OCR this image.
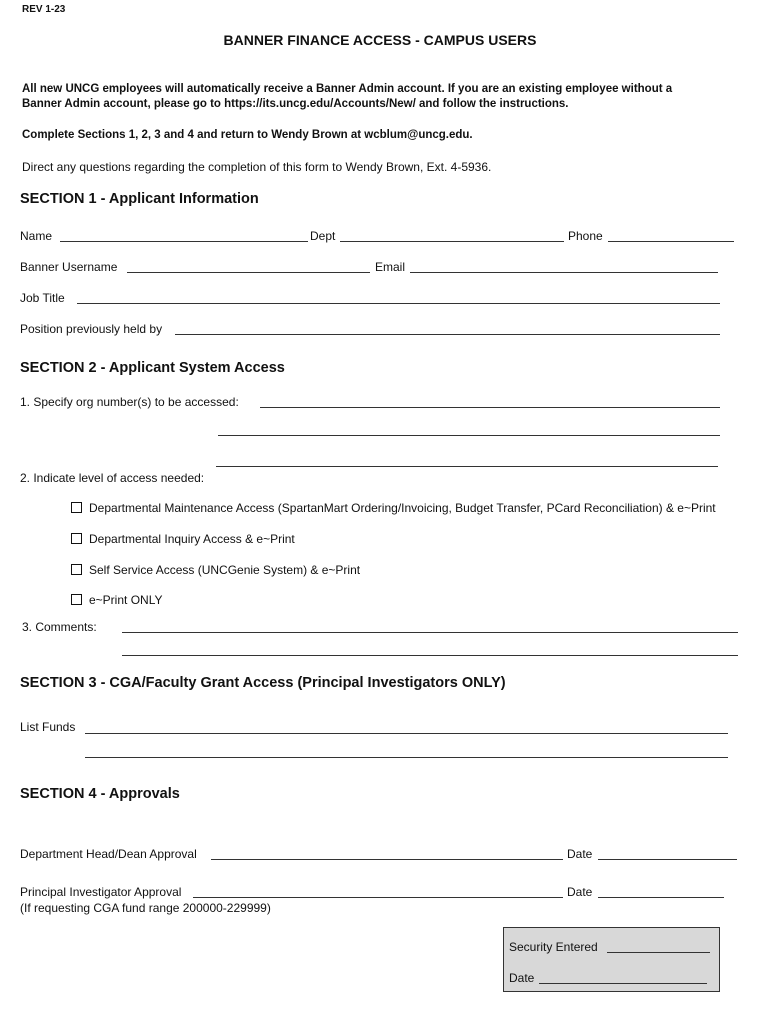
REV 1-23
BANNER FINANCE ACCESS - CAMPUS USERS
All new UNCG employees will automatically receive a Banner Admin account. If you are an existing employee without a
Banner Admin account, please go to https://its.uncg.edu/Accounts/New/ and follow the instructions.
Complete Sections 1, 2, 3 and 4 and return to Wendy Brown at wcblum@uncg.edu.
Direct any questions regarding the completion of this form to Wendy Brown, Ext. 4-5936.
SECTION 1 - Applicant Information
Name	Dept	Phone
Banner Username	Email
Job Title
Position previously held by
SECTION 2 - Applicant System Access
1. Specify org number(s) to be accessed:
2. Indicate level of access needed:
Departmental Maintenance Access (SpartanMart Ordering/Invoicing, Budget Transfer, PCard Reconciliation) & e~Print
Departmental Inquiry Access & e~Print
Self Service Access (UNCGenie System) & e~Print
e~Print ONLY
3. Comments:
SECTION 3 - CGA/Faculty Grant Access (Principal Investigators ONLY)
List Funds
SECTION 4 - Approvals
Department Head/Dean Approval	Date
Principal Investigator Approval	Date
(If requesting CGA fund range 200000-229999)
Security Entered
Date
